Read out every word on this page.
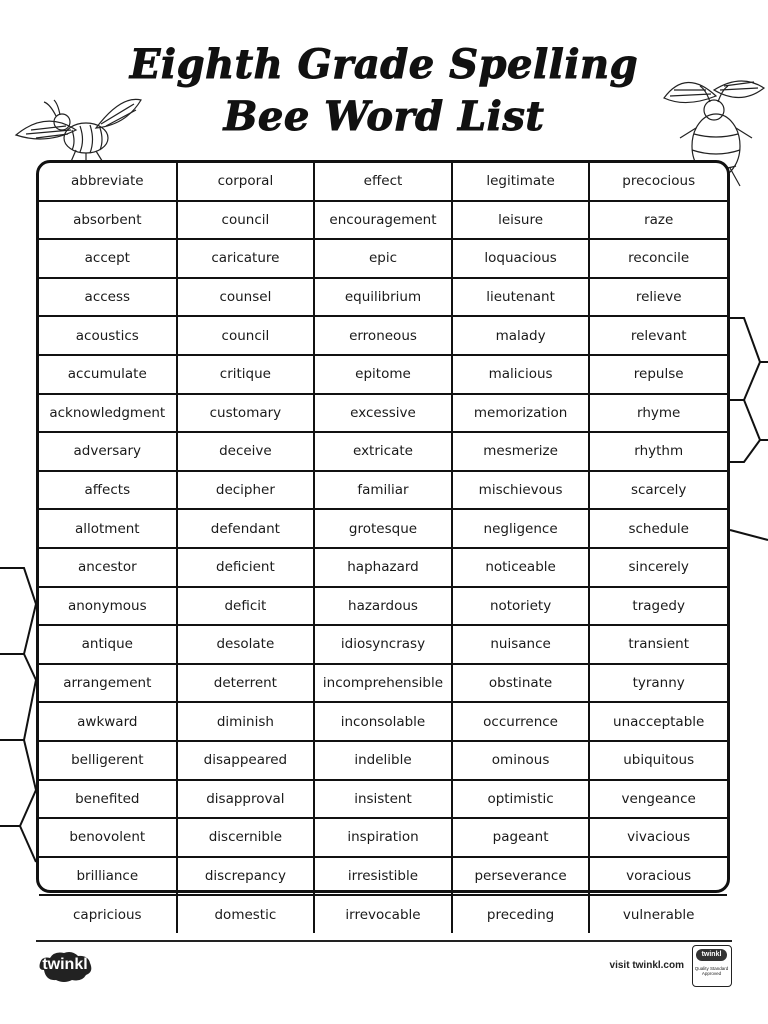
Eighth Grade Spelling
Bee Word List
abbreviate	corporal	effect	legitimate	precocious
absorbent	council	encouragement	leisure	raze
accept	caricature	epic	loquacious	reconcile
access	counsel	equilibrium	lieutenant	relieve
acoustics	council	erroneous	malady	relevant
accumulate	critique	epitome	malicious	repulse
acknowledgment	customary	excessive	memorization	rhyme
adversary	deceive	extricate	mesmerize	rhythm
affects	decipher	familiar	mischievous	scarcely
allotment	defendant	grotesque	negligence	schedule
ancestor	deficient	haphazard	noticeable	sincerely
anonymous	deficit	hazardous	notoriety	tragedy
antique	desolate	idiosyncrasy	nuisance	transient
arrangement	deterrent	incomprehensible	obstinate	tyranny
awkward	diminish	inconsolable	occurrence	unacceptable
belligerent	disappeared	indelible	ominous	ubiquitous
benefited	disapproval	insistent	optimistic	vengeance
benovolent	discernible	inspiration	pageant	vivacious
brilliance	discrepancy	irresistible	perseverance	voracious
capricious	domestic	irrevocable	preceding	vulnerable
twinkl	visit twinkl.com
twinkl
Quality Standard Approved
